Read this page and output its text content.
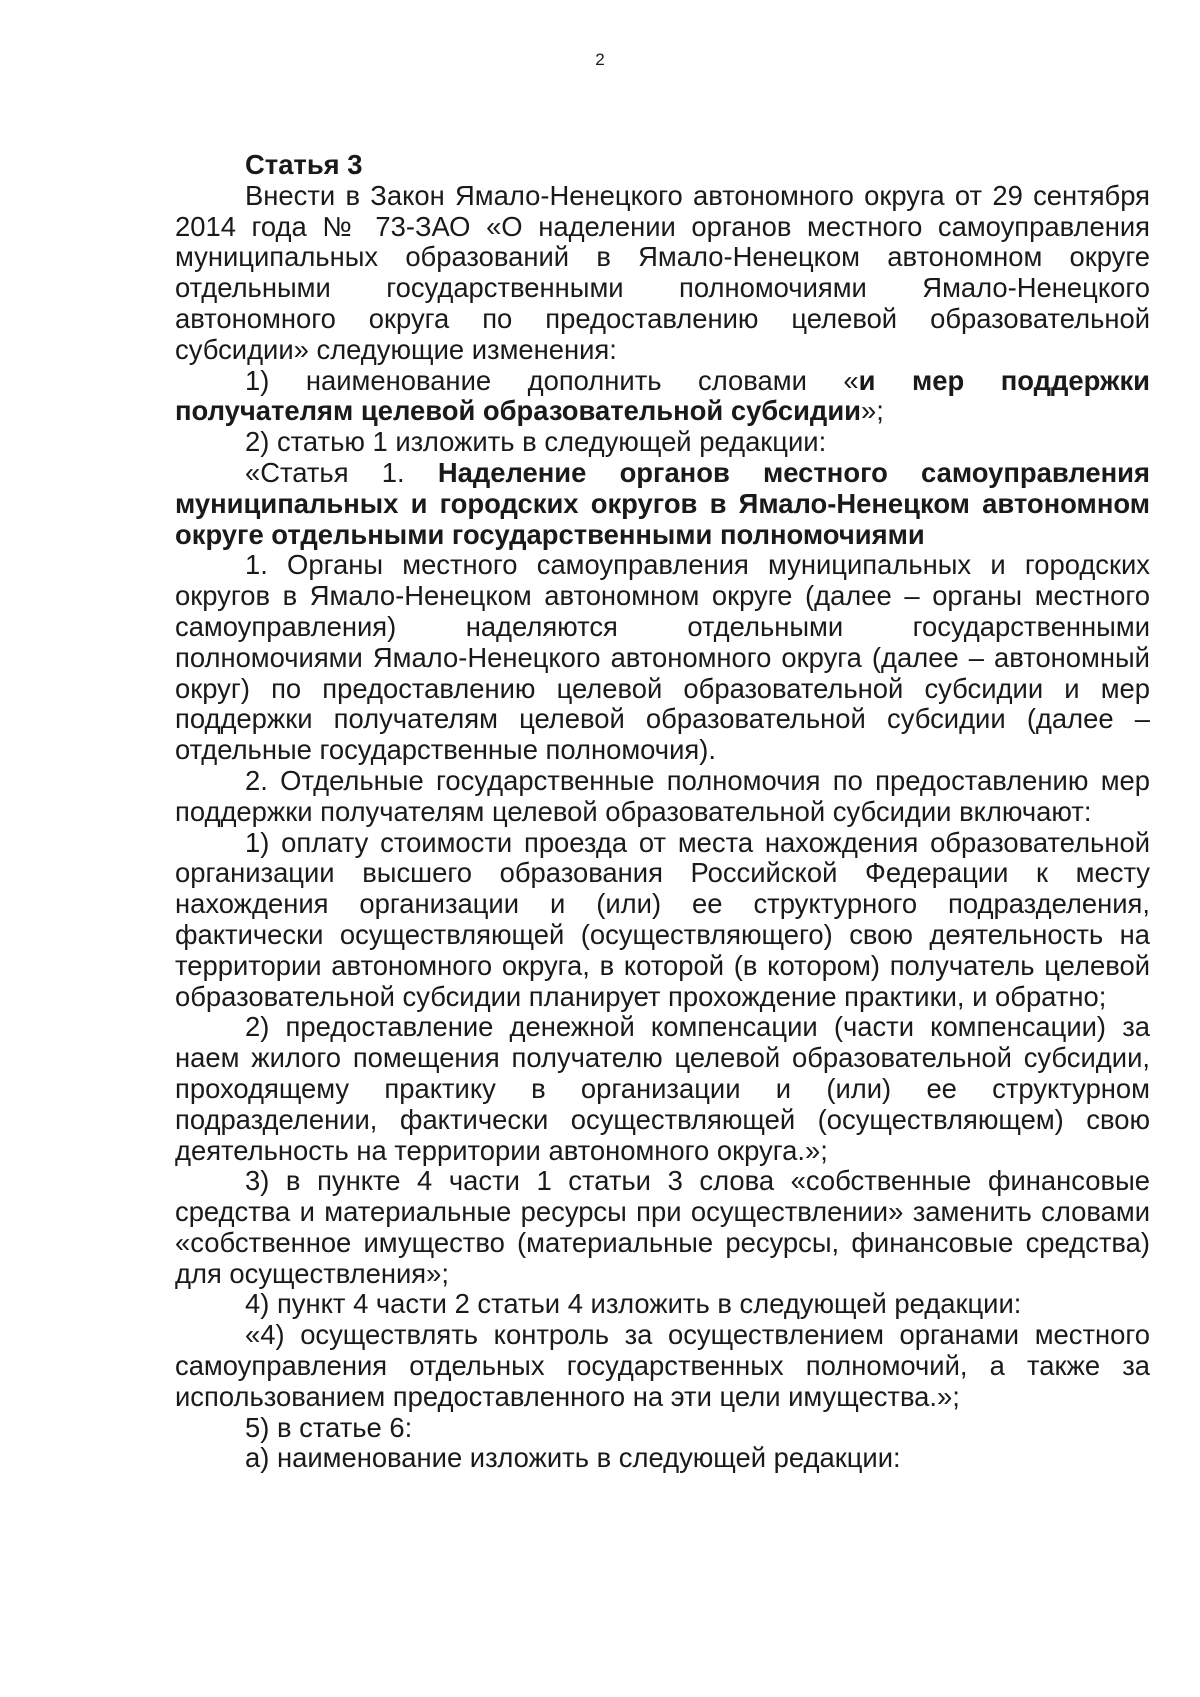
2

Статья 3

Внести в Закон Ямало-Ненецкого автономного округа от 29 сентября 2014 года № 73-ЗАО «О наделении органов местного самоуправления муниципальных образований в Ямало-Ненецком автономном округе отдельными государственными полномочиями Ямало-Ненецкого автономного округа по предоставлению целевой образовательной субсидии» следующие изменения:

1) наименование дополнить словами «и мер поддержки получателям целевой образовательной субсидии»;

2) статью 1 изложить в следующей редакции:

«Статья 1. Наделение органов местного самоуправления муниципальных и городских округов в Ямало-Ненецком автономном округе отдельными государственными полномочиями

1. Органы местного самоуправления муниципальных и городских округов в Ямало-Ненецком автономном округе (далее – органы местного самоуправления) наделяются отдельными государственными полномочиями Ямало-Ненецкого автономного округа (далее – автономный округ) по предоставлению целевой образовательной субсидии и мер поддержки получателям целевой образовательной субсидии (далее – отдельные государственные полномочия).

2. Отдельные государственные полномочия по предоставлению мер поддержки получателям целевой образовательной субсидии включают:

1) оплату стоимости проезда от места нахождения образовательной организации высшего образования Российской Федерации к месту нахождения организации и (или) ее структурного подразделения, фактически осуществляющей (осуществляющего) свою деятельность на территории автономного округа, в которой (в котором) получатель целевой образовательной субсидии планирует прохождение практики, и обратно;

2) предоставление денежной компенсации (части компенсации) за наем жилого помещения получателю целевой образовательной субсидии, проходящему практику в организации и (или) ее структурном подразделении, фактически осуществляющей (осуществляющем) свою деятельность на территории автономного округа.»;

3) в пункте 4 части 1 статьи 3 слова «собственные финансовые средства и материальные ресурсы при осуществлении» заменить словами «собственное имущество (материальные ресурсы, финансовые средства) для осуществления»;

4) пункт 4 части 2 статьи 4 изложить в следующей редакции:

«4) осуществлять контроль за осуществлением органами местного самоуправления отдельных государственных полномочий, а также за использованием предоставленного на эти цели имущества.»;

5) в статье 6:

а) наименование изложить в следующей редакции:
